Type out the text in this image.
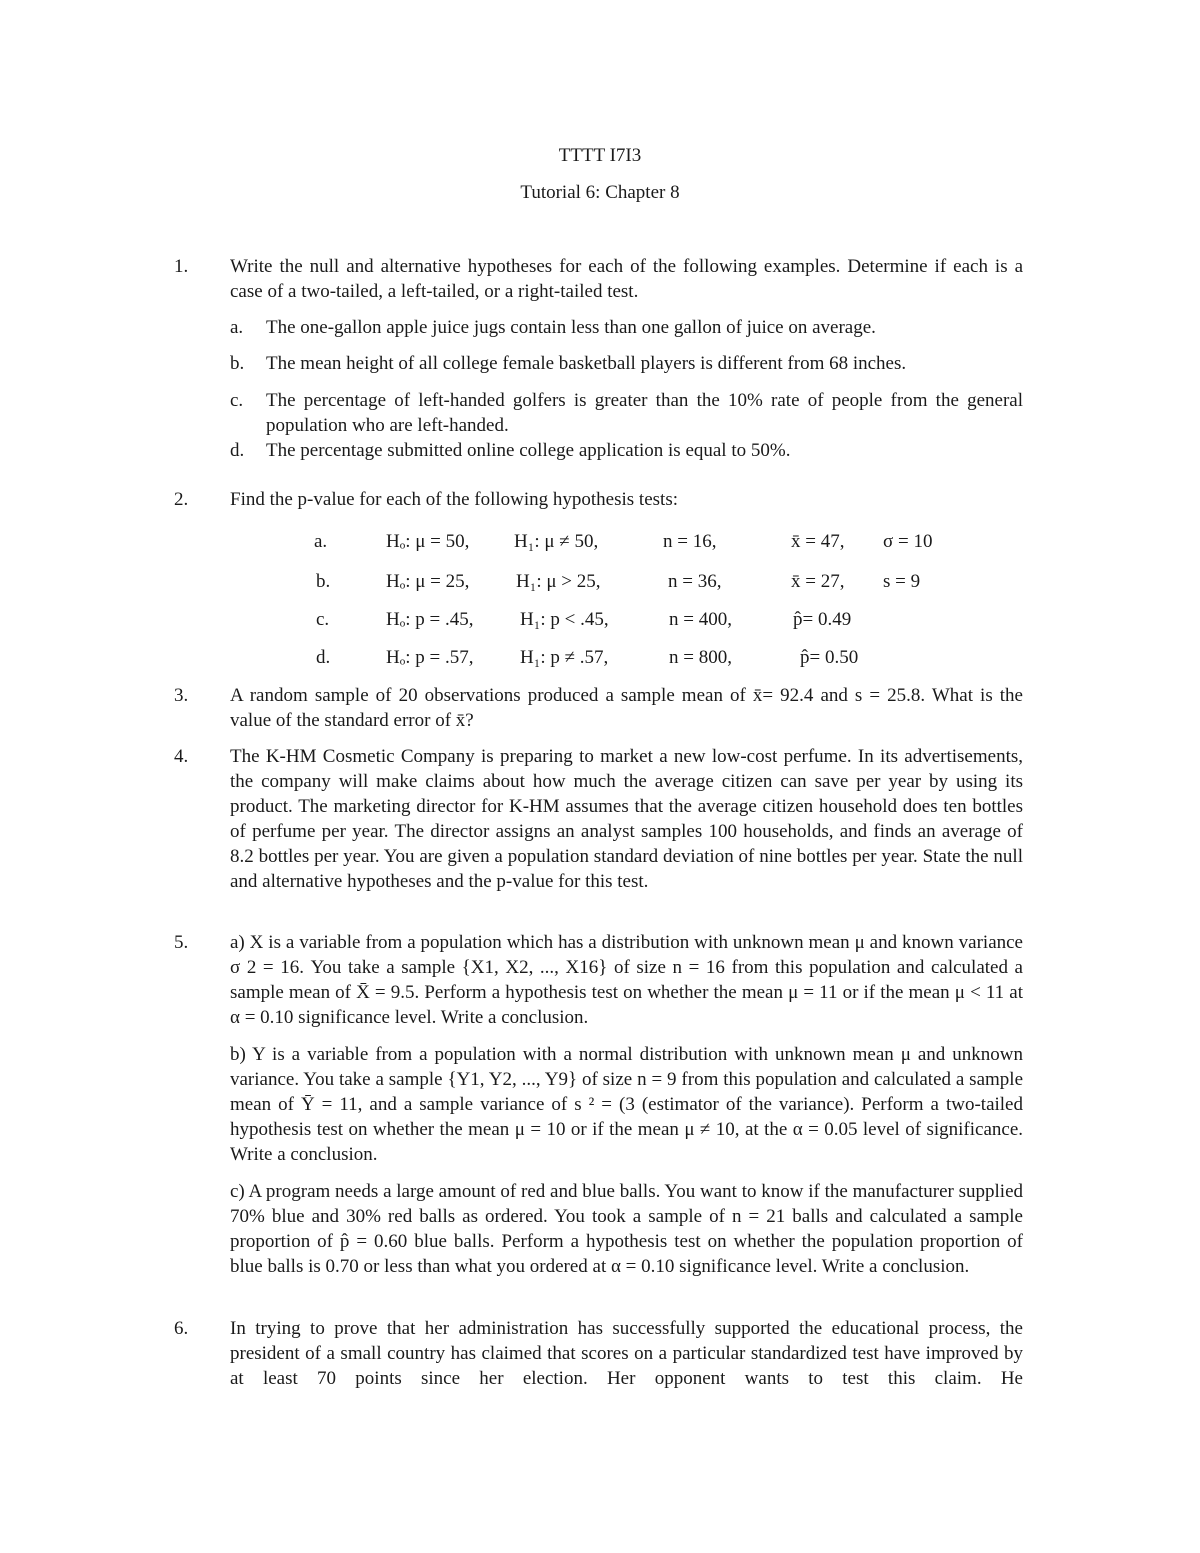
TTTT I7I3
Tutorial 6: Chapter 8
1. Write the null and alternative hypotheses for each of the following examples. Determine if each is a case of a two-tailed, a left-tailed, or a right-tailed test.
a. The one-gallon apple juice jugs contain less than one gallon of juice on average.
b. The mean height of all college female basketball players is different from 68 inches.
c. The percentage of left-handed golfers is greater than the 10% rate of people from the general population who are left-handed.
d. The percentage submitted online college application is equal to 50%.
2. Find the p-value for each of the following hypothesis tests:
a.	Hₒ: μ = 50, H₁: μ ≠ 50,	n = 16,	x̄ = 47, σ = 10
b.	Hₒ: μ = 25, H₁: μ > 25,	n = 36,	x̄ = 27, s = 9
c.	Hₒ: p = .45, H₁: p < .45,	n = 400,	p̂= 0.49
d.	Hₒ: p = .57, H₁: p ≠ .57,	n = 800,	p̂= 0.50
3. A random sample of 20 observations produced a sample mean of x̄= 92.4 and s = 25.8. What is the value of the standard error of x̄?
4. The K-HM Cosmetic Company is preparing to market a new low-cost perfume. In its advertisements, the company will make claims about how much the average citizen can save per year by using its product. The marketing director for K-HM assumes that the average citizen household does ten bottles of perfume per year. The director assigns an analyst samples 100 households, and finds an average of 8.2 bottles per year. You are given a population standard deviation of nine bottles per year. State the null and alternative hypotheses and the p-value for this test.
5. a) X is a variable from a population which has a distribution with unknown mean μ and known variance σ 2 = 16. You take a sample {X1, X2, ..., X16} of size n = 16 from this population and calculated a sample mean of X̄ = 9.5. Perform a hypothesis test on whether the mean μ = 11 or if the mean μ < 11 at α = 0.10 significance level. Write a conclusion.
b) Y is a variable from a population with a normal distribution with unknown mean μ and unknown variance. You take a sample {Y1, Y2, ..., Y9} of size n = 9 from this population and calculated a sample mean of Ȳ = 11, and a sample variance of s ² = (3 (estimator of the variance). Perform a two-tailed hypothesis test on whether the mean μ = 10 or if the mean μ ≠ 10, at the α = 0.05 level of significance. Write a conclusion.
c) A program needs a large amount of red and blue balls. You want to know if the manufacturer supplied 70% blue and 30% red balls as ordered. You took a sample of n = 21 balls and calculated a sample proportion of p̂ = 0.60 blue balls. Perform a hypothesis test on whether the population proportion of blue balls is 0.70 or less than what you ordered at α = 0.10 significance level. Write a conclusion.
6. In trying to prove that her administration has successfully supported the educational process, the president of a small country has claimed that scores on a particular standardized test have improved by at least 70 points since her election. Her opponent wants to test this claim. He
